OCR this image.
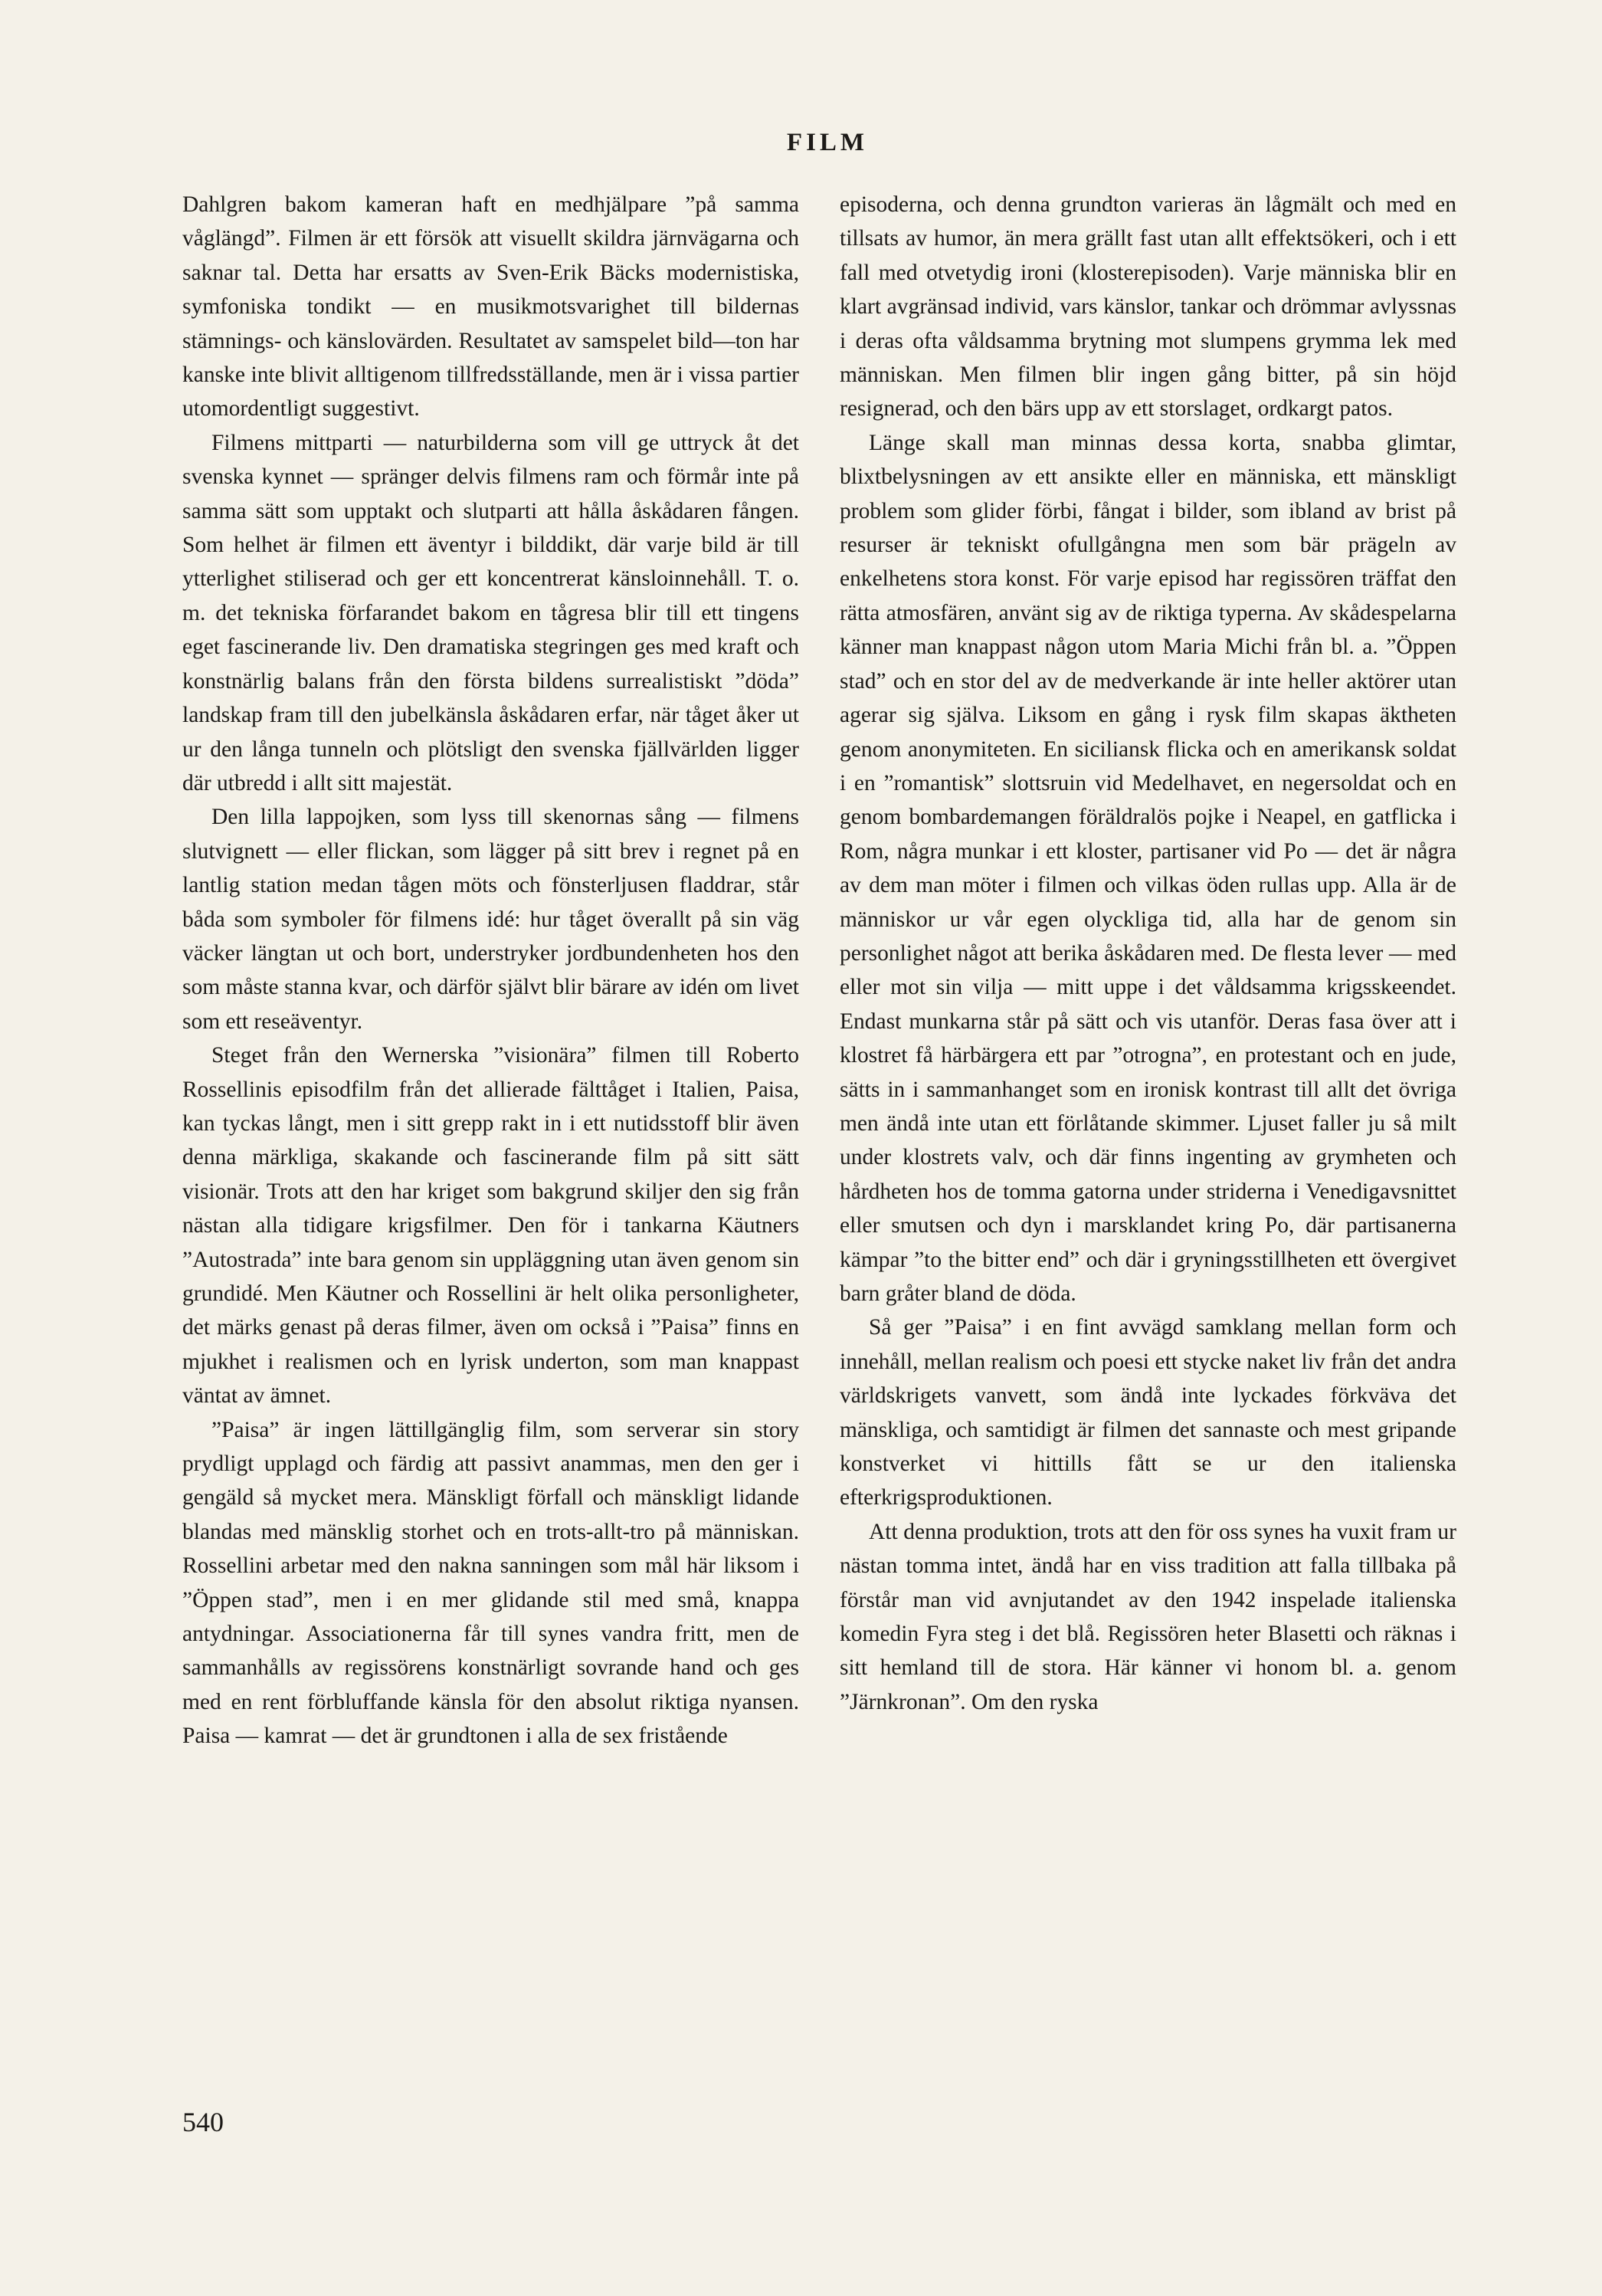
FILM

Dahlgren bakom kameran haft en medhjälpare ”på samma våglängd”. Filmen är ett försök att visuellt skildra järnvägarna och saknar tal. Detta har ersatts av Sven-Erik Bäcks modernistiska, symfoniska tondikt — en musikmotsvarighet till bildernas stämnings- och känslovärden. Resultatet av samspelet bild—ton har kanske inte blivit alltigenom tillfredsställande, men är i vissa partier utomordentligt suggestivt.

Filmens mittparti — naturbilderna som vill ge uttryck åt det svenska kynnet — spränger delvis filmens ram och förmår inte på samma sätt som upptakt och slutparti att hålla åskådaren fången. Som helhet är filmen ett äventyr i bilddikt, där varje bild är till ytterlighet stiliserad och ger ett koncentrerat känsloinnehåll. T. o. m. det tekniska förfarandet bakom en tågresa blir till ett tingens eget fascinerande liv. Den dramatiska stegringen ges med kraft och konstnärlig balans från den första bildens surrealistiskt ”döda” landskap fram till den jubelkänsla åskådaren erfar, när tåget åker ut ur den långa tunneln och plötsligt den svenska fjällvärlden ligger där utbredd i allt sitt majestät.

Den lilla lappojken, som lyss till skenornas sång — filmens slutvignett — eller flickan, som lägger på sitt brev i regnet på en lantlig station medan tågen möts och fönsterljusen fladdrar, står båda som symboler för filmens idé: hur tåget överallt på sin väg väcker längtan ut och bort, understryker jordbundenheten hos den som måste stanna kvar, och därför självt blir bärare av idén om livet som ett reseäventyr.

Steget från den Wernerska ”visionära” filmen till Roberto Rossellinis episodfilm från det allierade fälttåget i Italien, Paisa, kan tyckas långt, men i sitt grepp rakt in i ett nutidsstoff blir även denna märkliga, skakande och fascinerande film på sitt sätt visionär. Trots att den har kriget som bakgrund skiljer den sig från nästan alla tidigare krigsfilmer. Den för i tankarna Käutners ”Autostrada” inte bara genom sin uppläggning utan även genom sin grundidé. Men Käutner och Rossellini är helt olika personligheter, det märks genast på deras filmer, även om också i ”Paisa” finns en mjukhet i realismen och en lyrisk underton, som man knappast väntat av ämnet.

”Paisa” är ingen lättillgänglig film, som serverar sin story prydligt upplagd och färdig att passivt anammas, men den ger i gengäld så mycket mera. Mänskligt förfall och mänskligt lidande blandas med mänsklig storhet och en trots-allt-tro på människan. Rossellini arbetar med den nakna sanningen som mål här liksom i ”Öppen stad”, men i en mer glidande stil med små, knappa antydningar. Associationerna får till synes vandra fritt, men de sammanhålls av regissörens konstnärligt sovrande hand och ges med en rent förbluffande känsla för den absolut riktiga nyansen. Paisa — kamrat — det är grundtonen i alla de sex fristående

episoderna, och denna grundton varieras än lågmält och med en tillsats av humor, än mera grällt fast utan allt effektsökeri, och i ett fall med otvetydig ironi (klosterepisoden). Varje människa blir en klart avgränsad individ, vars känslor, tankar och drömmar avlyssnas i deras ofta våldsamma brytning mot slumpens grymma lek med människan. Men filmen blir ingen gång bitter, på sin höjd resignerad, och den bärs upp av ett storslaget, ordkargt patos.

Länge skall man minnas dessa korta, snabba glimtar, blixtbelysningen av ett ansikte eller en människa, ett mänskligt problem som glider förbi, fångat i bilder, som ibland av brist på resurser är tekniskt ofullgångna men som bär prägeln av enkelhetens stora konst. För varje episod har regissören träffat den rätta atmosfären, använt sig av de riktiga typerna. Av skådespelarna känner man knappast någon utom Maria Michi från bl. a. ”Öppen stad” och en stor del av de medverkande är inte heller aktörer utan agerar sig själva. Liksom en gång i rysk film skapas äktheten genom anonymiteten. En siciliansk flicka och en amerikansk soldat i en ”romantisk” slottsruin vid Medelhavet, en negersoldat och en genom bombardemangen föräldralös pojke i Neapel, en gatflicka i Rom, några munkar i ett kloster, partisaner vid Po — det är några av dem man möter i filmen och vilkas öden rullas upp. Alla är de människor ur vår egen olyckliga tid, alla har de genom sin personlighet något att berika åskådaren med. De flesta lever — med eller mot sin vilja — mitt uppe i det våldsamma krigsskeendet. Endast munkarna står på sätt och vis utanför. Deras fasa över att i klostret få härbärgera ett par ”otrogna”, en protestant och en jude, sätts in i sammanhanget som en ironisk kontrast till allt det övriga men ändå inte utan ett förlåtande skimmer. Ljuset faller ju så milt under klostrets valv, och där finns ingenting av grymheten och hårdheten hos de tomma gatorna under striderna i Venedigavsnittet eller smutsen och dyn i marsklandet kring Po, där partisanerna kämpar ”to the bitter end” och där i gryningsstillheten ett övergivet barn gråter bland de döda.

Så ger ”Paisa” i en fint avvägd samklang mellan form och innehåll, mellan realism och poesi ett stycke naket liv från det andra världskrigets vanvett, som ändå inte lyckades förkväva det mänskliga, och samtidigt är filmen det sannaste och mest gripande konstverket vi hittills fått se ur den italienska efterkrigsproduktionen.

Att denna produktion, trots att den för oss synes ha vuxit fram ur nästan tomma intet, ändå har en viss tradition att falla tillbaka på förstår man vid avnjutandet av den 1942 inspelade italienska komedin Fyra steg i det blå. Regissören heter Blasetti och räknas i sitt hemland till de stora. Här känner vi honom bl. a. genom ”Järnkronan”. Om den ryska

540
